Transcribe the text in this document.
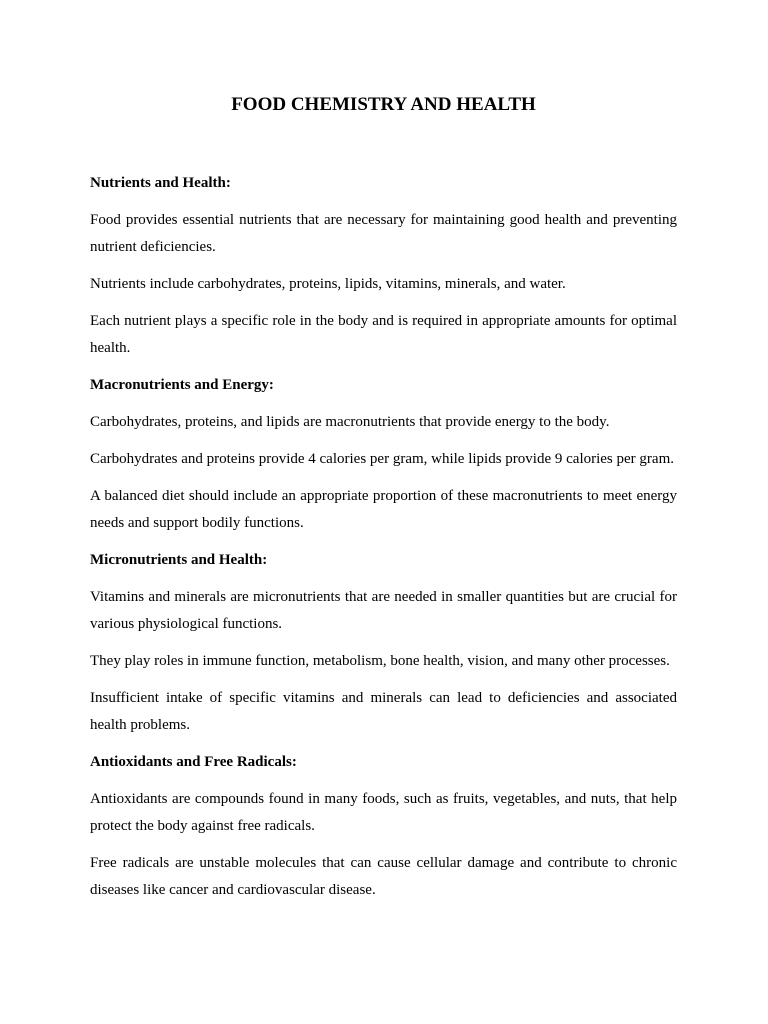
FOOD CHEMISTRY AND HEALTH
Nutrients and Health:

Food provides essential nutrients that are necessary for maintaining good health and preventing nutrient deficiencies.

Nutrients include carbohydrates, proteins, lipids, vitamins, minerals, and water.

Each nutrient plays a specific role in the body and is required in appropriate amounts for optimal health.

Macronutrients and Energy:

Carbohydrates, proteins, and lipids are macronutrients that provide energy to the body.

Carbohydrates and proteins provide 4 calories per gram, while lipids provide 9 calories per gram.

A balanced diet should include an appropriate proportion of these macronutrients to meet energy needs and support bodily functions.

Micronutrients and Health:

Vitamins and minerals are micronutrients that are needed in smaller quantities but are crucial for various physiological functions.

They play roles in immune function, metabolism, bone health, vision, and many other processes.

Insufficient intake of specific vitamins and minerals can lead to deficiencies and associated health problems.

Antioxidants and Free Radicals:

Antioxidants are compounds found in many foods, such as fruits, vegetables, and nuts, that help protect the body against free radicals.

Free radicals are unstable molecules that can cause cellular damage and contribute to chronic diseases like cancer and cardiovascular disease.
